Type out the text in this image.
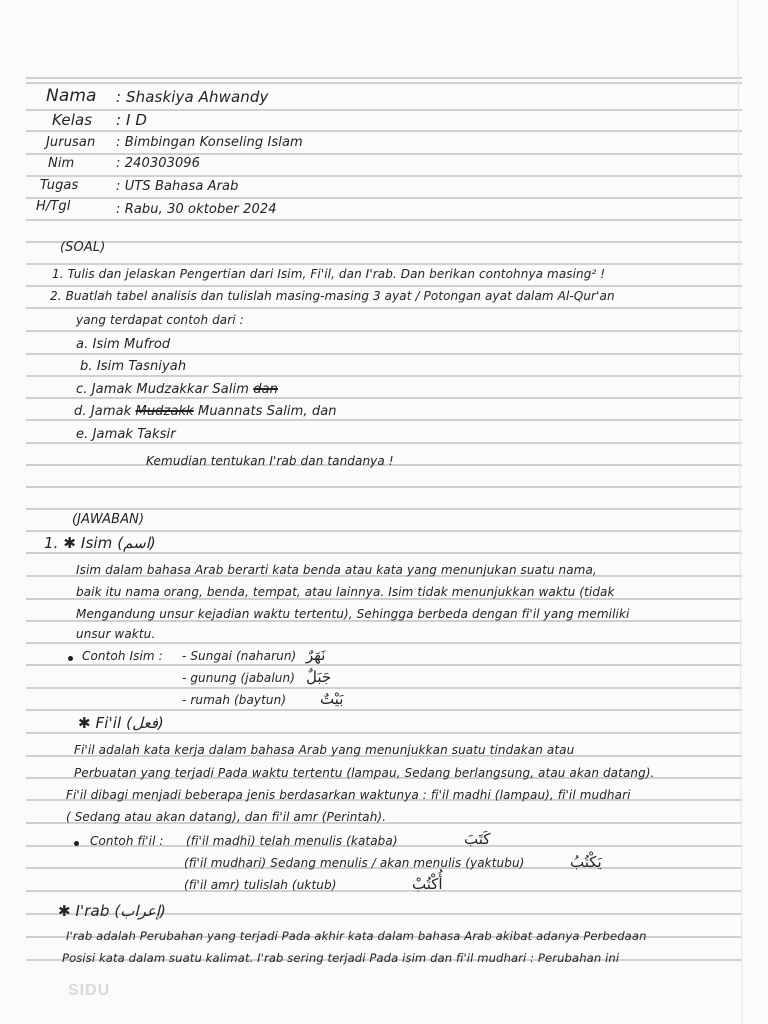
Nama : Shaskiya Ahwandy
Kelas : I D
Jurusan : Bimbingan Konseling Islam
Nim	: 240303096
Tugas	: UTS Bahasa Arab
H/Tgl	: Rabu, 30 oktober 2024
(SOAL)
1. Tulis dan jelaskan Pengertian dari Isim, Fi'il, dan I'rab. Dan berikan contohnya masing² !
2. Buatlah tabel analisis dan tulislah masing-masing 3 ayat / Potongan ayat dalam Al-Qur'an
yang terdapat contoh dari :
a. Isim Mufrod
b. Isim Tasniyah
c. Jamak Mudzakkar Salim dan
d. Jamak Mudzakk Muannats Salim, dan
e. Jamak Taksir
Kemudian tentukan I'rab dan tandanya !
(JAWABAN)
1. ✱ Isim (اسم)
Isim dalam bahasa Arab berarti kata benda atau kata yang menunjukan suatu nama,
baik itu nama orang, benda, tempat, atau lainnya. Isim tidak menunjukkan waktu (tidak
Mengandung unsur kejadian waktu tertentu), Sehingga berbeda dengan fi'il yang memiliki
unsur waktu.
Contoh Isim : - Sungai (naharun) نَهَرٌ
- gunung (jabalun) جَبَلٌ
- rumah (baytun) بَيْتٌ
✱ Fi'il (فعل)
Fi'il adalah kata kerja dalam bahasa Arab yang menunjukkan suatu tindakan atau
Perbuatan yang terjadi Pada waktu tertentu (lampau, Sedang berlangsung, atau akan datang).
Fi'il dibagi menjadi beberapa jenis berdasarkan waktunya : fi'il madhi (lampau), fi'il mudhari
( Sedang atau akan datang), dan fi'il amr (Perintah).
Contoh fi'il : (fi'il madhi) telah menulis (kataba)	كَتَبَ
(fi'il mudhari) Sedang menulis / akan menulis (yaktubu)	يَكْتُبُ
(fi'il amr) tulislah (uktub)	أُكْتُبْ
✱ I'rab (إعراب)
I'rab adalah Perubahan yang terjadi Pada akhir kata dalam bahasa Arab akibat adanya Perbedaan
Posisi kata dalam suatu kalimat. I'rab sering terjadi Pada isim dan fi'il mudhari : Perubahan ini
SIDU
